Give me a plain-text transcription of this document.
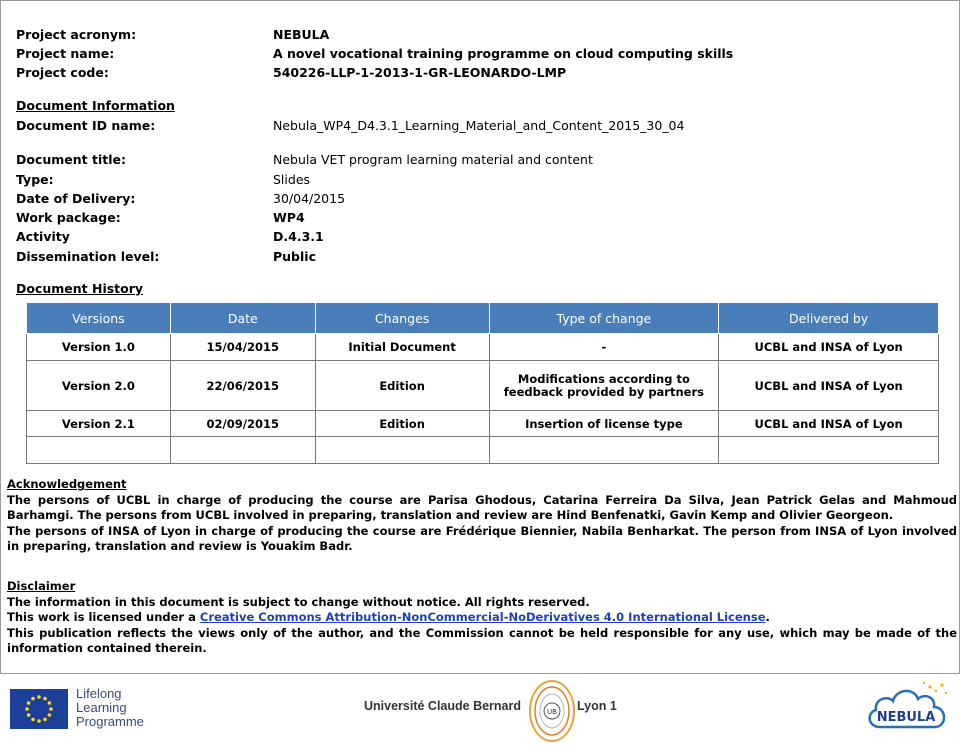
Project acronym:	NEBULA
Project name:	A novel vocational training programme on cloud computing skills
Project code:	540226-LLP-1-2013-1-GR-LEONARDO-LMP
Document Information
Document ID name:	Nebula_WP4_D4.3.1_Learning_Material_and_Content_2015_30_04
Document title:	Nebula VET program learning material and content
Type:	Slides
Date of Delivery:	30/04/2015
Work package:	WP4
Activity	D.4.3.1
Dissemination level:	Public
Document History
Versions	Date	Changes	Type of change	Delivered by
Version 1.0	15/04/2015	Initial Document	-	UCBL and INSA of Lyon
Version 2.0	22/06/2015	Edition	Modifications according to feedback provided by partners	UCBL and INSA of Lyon
Version 2.1	02/09/2015	Edition	Insertion of license type	UCBL and INSA of Lyon

Acknowledgement

The persons of UCBL in charge of producing the course are Parisa Ghodous, Catarina Ferreira Da Silva, Jean Patrick Gelas and Mahmoud Barhamgi. The persons from UCBL involved in preparing, translation and review are Hind Benfenatki, Gavin Kemp and Olivier Georgeon.

The persons of INSA of Lyon in charge of producing the course are Frédérique Biennier, Nabila Benharkat. The person from INSA of Lyon involved in preparing, translation and review is Youakim Badr.

Disclaimer

The information in this document is subject to change without notice. All rights reserved.

This work is licensed under a Creative Commons Attribution-NonCommercial-NoDerivatives 4.0 International License.

This publication reflects the views only of the author, and the Commission cannot be held responsible for any use, which may be made of the information contained therein.

Lifelong
Learning
Programme
Université Claude Bernard	UB Lyon 1
NEBULA
